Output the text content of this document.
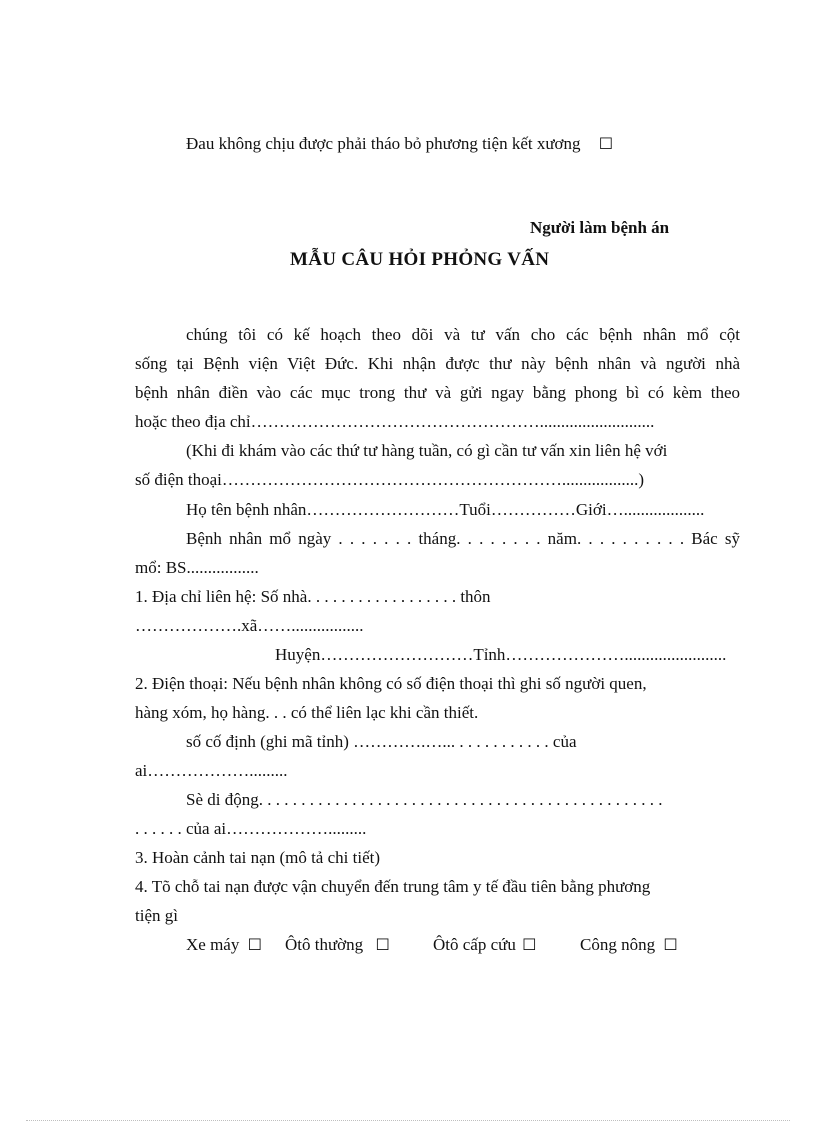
Đau không chịu được phải tháo bỏ phương tiện kết xương ☐
Người làm bệnh án
MẪU CÂU HỎI PHỎNG VẤN
chúng tôi có kế hoạch theo dõi và tư vấn cho các bệnh nhân mổ cột
sống tại Bệnh viện Việt Đức. Khi nhận được thư này bệnh nhân và người nhà
bệnh nhân điền vào các mục trong thư và gửi ngay bằng phong bì có kèm theo
hoặc theo địa chỉ……………………………………………...........................
(Khi đi khám vào các thứ tư hàng tuần, có gì cần tư vấn xin liên hệ với
số điện thoại……………………………………………………..................)
Họ tên bệnh nhân………………………Tuổi……………Giới…...................
Bệnh nhân mổ ngày . . . . . . . tháng. . . . . . . . năm. . . . . . . . . . Bác sỹ
mổ: BS.................
1. Địa chỉ liên hệ: Số nhà. . . . . . . . . . . . . . . . . . thôn
……………….xã…….................
Huyện………………………Tỉnh…………………........................
2. Điện thoại: Nếu bệnh nhân không có số điện thoại thì ghi số người quen,
hàng xóm, họ hàng. . . có thể liên lạc khi cần thiết.
số cố định (ghi mã tỉnh) ………….…... . . . . . . . . . . . của
ai……………….........
Sè di động. . . . . . . . . . . . . . . . . . . . . . . . . . . . . . . . . . . . . . . . . . . . . . . .
. . . . . . của ai……………….........
3. Hoàn cảnh tai nạn (mô tả chi tiết)
4. Tõ chỗ tai nạn được vận chuyển đến trung tâm y tế đầu tiên bằng phương
tiện gì
Xe máy ☐ Ôtô thường ☐	Ôtô cấp cứu ☐	Công nông ☐
